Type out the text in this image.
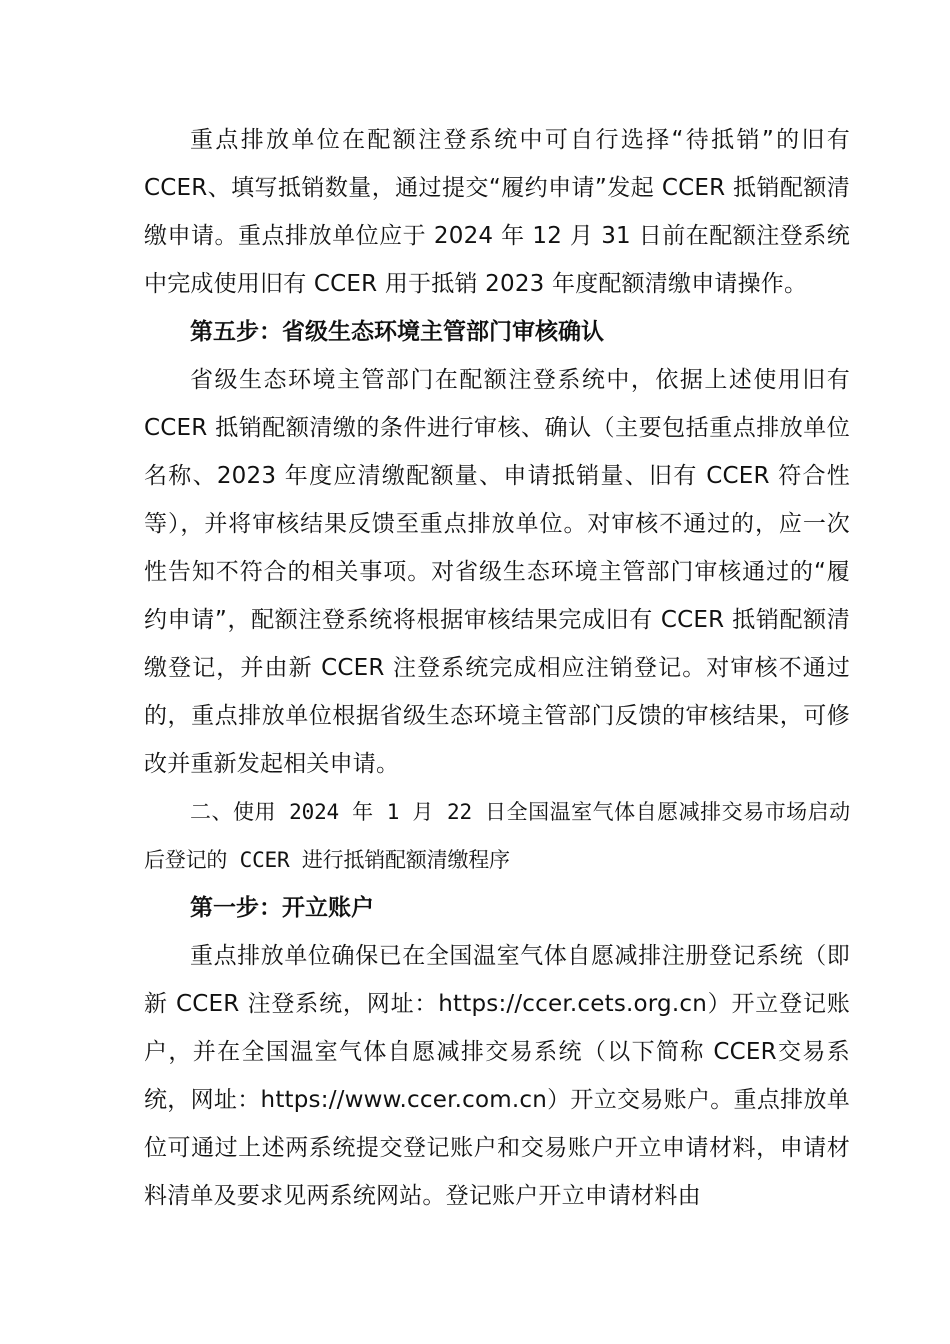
重点排放单位在配额注登系统中可自行选择“待抵销”的旧有CCER、填写抵销数量，通过提交“履约申请”发起 CCER 抵销配额清缴申请。重点排放单位应于 2024 年 12 月 31 日前在配额注登系统中完成使用旧有 CCER 用于抵销 2023 年度配额清缴申请操作。

第五步：省级生态环境主管部门审核确认

省级生态环境主管部门在配额注登系统中，依据上述使用旧有CCER 抵销配额清缴的条件进行审核、确认（主要包括重点排放单位名称、2023 年度应清缴配额量、申请抵销量、旧有 CCER 符合性等），并将审核结果反馈至重点排放单位。对审核不通过的，应一次性告知不符合的相关事项。对省级生态环境主管部门审核通过的“履约申请”，配额注登系统将根据审核结果完成旧有 CCER 抵销配额清缴登记，并由新 CCER 注登系统完成相应注销登记。对审核不通过的，重点排放单位根据省级生态环境主管部门反馈的审核结果，可修改并重新发起相关申请。

二、使用 2024 年 1 月 22 日全国温室气体自愿减排交易市场启动后登记的 CCER 进行抵销配额清缴程序

第一步：开立账户

重点排放单位确保已在全国温室气体自愿减排注册登记系统（即新 CCER 注登系统，网址：https://ccer.cets.org.cn）开立登记账户，并在全国温室气体自愿减排交易系统（以下简称 CCER交易系统，网址：https://www.ccer.com.cn）开立交易账户。重点排放单位可通过上述两系统提交登记账户和交易账户开立申请材料，申请材料清单及要求见两系统网站。登记账户开立申请材料由
